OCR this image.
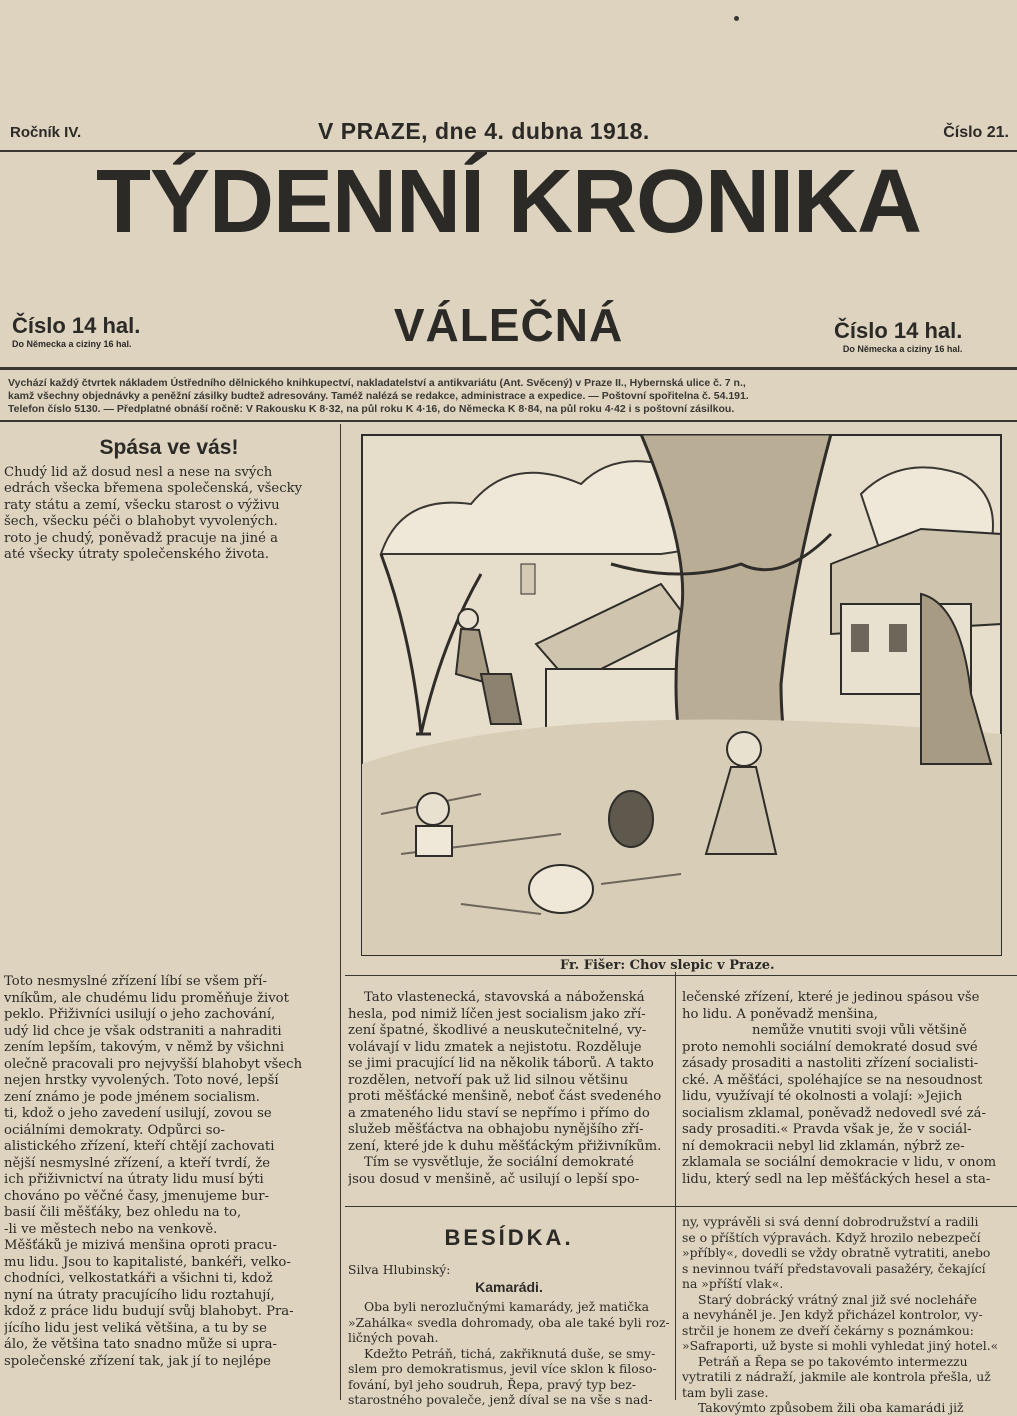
Ročník IV.	V PRAZE, dne 4. dubna 1918.	Číslo 21.
TÝDENNÍ KRONIKA
Číslo 14 hal.
Do Německa a ciziny 16 hal.	VÁLEČNÁ	Číslo 14 hal.
Do Německa a ciziny 16 hal.
Vychází každý čtvrtek nákladem Ústředního dělnického knihkupectví, nakladatelství a antikvariátu (Ant. Svěcený) v Praze II., Hybernská ulice č. 7 n.,
kamž všechny objednávky a peněžní zásilky budtež adresovány. Taméž nalézá se redakce, administrace a expedice. — Poštovní spořitelna č. 54.191.
Telefon číslo 5130. — Předplatné obnáší ročně: V Rakousku K 8·32, na půl roku K 4·16, do Německa K 8·84, na půl roku 4·42 i s poštovní zásilkou.
Spása ve vás!
Chudý lid až dosud nesl a nese na svých
edrách všecka břemena společenská, všecky
raty státu a zemí, všecku starost o výživu
šech, všecku péči o blahobyt vyvolených.
roto je chudý, poněvadž pracuje na jiné a
até všecky útraty společenského života.
Toto nesmyslné zřízení líbí se všem pří-
vníkům, ale chudému lidu proměňuje život
peklo. Přiživníci usilují o jeho zachování,
udý lid chce je však odstraniti a nahraditi
zením lepším, takovým, v němž by všichni
olečně pracovali pro nejvyšší blahobyt všech
nejen hrstky vyvolených. Toto nové, lepší
zení známo je pode jménem socialism.
ti, kdož o jeho zavedení usilují, zovou se
ociálními demokraty. Odpůrci so-
alistického zřízení, kteří chtějí zachovati
nější nesmyslné zřízení, a kteří tvrdí, že
ich přiživnictví na útraty lidu musí býti
chováno po věčné časy, jmenujeme bur-
basií čili měšťáky, bez ohledu na to,
-li ve městech nebo na venkově.
Měšťáků je mizivá menšina oproti pracu-
mu lidu. Jsou to kapitalisté, bankéři, velko-
chodníci, velkostatkáři a všichni ti, kdož
nyní na útraty pracujícího lidu roztahují,
kdož z práce lidu budují svůj blahobyt. Pra-
jícího lidu jest veliká většina, a tu by se
álo, že většina tato snadno může si upra-
společenské zřízení tak, jak jí to nejlépe
Fr. Fišer: Chov slepic v Praze.
Tato vlastenecká, stavovská a náboženská
hesla, pod nimiž líčen jest socialism jako zří-
zení špatné, škodlivé a neuskutečnitelné, vy-
volávají v lidu zmatek a nejistotu. Rozděluje
se jimi pracující lid na několik táborů. A takto
rozdělen, netvoří pak už lid silnou většinu
proti měšťácké menšině, neboť část svedeného
a zmateného lidu staví se nepřímo i přímo do
služeb měšťáctva na obhajobu nynějšího zří-
zení, které jde k duhu měšťáckým přiživníkům.
Tím se vysvětluje, že sociální demokraté
jsou dosud v menšině, ač usilují o lepší spo-
lečenské zřízení, které je jedinou spásou vše
ho lidu. A poněvadž menšina,
nemůže vnutiti svoji vůli většině
proto nemohli sociální demokraté dosud své
zásady prosaditi a nastoliti zřízení socialisti-
cké. A měšťáci, spoléhajíce se na nesoudnost
lidu, využívají té okolnosti a volají: »Jejich
socialism zklamal, poněvadž nedovedl své zá-
sady prosaditi.« Pravda však je, že v sociál-
ní demokracii nebyl lid zklamán, nýbrž ze-
zklamala se sociální demokracie v lidu, v onom
lidu, který sedl na lep měšťáckých hesel a sta-
BESÍDKA.
Silva Hlubinský:
Kamarádi.
Oba byli nerozlučnými kamarády, jež matička
»Zahálka« svedla dohromady, oba ale také byli roz-
ličných povah.
Kdežto Petráň, tichá, zakřiknutá duše, se smy-
slem pro demokratismus, jevil více sklon k filoso-
fování, byl jeho soudruh, Řepa, pravý typ bez-
starostného povaleče, jenž díval se na vše s nad-
ny, vyprávěli si svá denní dobrodružství a radili
se o příštích výpravách. Když hrozilo nebezpečí
»příbly«, dovedli se vždy obratně vytratiti, anebo
s nevinnou tváří představovali pasažéry, čekající
na »příští vlak«.
Starý dobrácký vrátný znal již své nocleháře
a nevyháněl je. Jen když přicházel kontrolor, vy-
strčil je honem ze dveří čekárny s poznámkou:
»Safraporti, už byste si mohli vyhledat jiný hotel.«
Petráň a Řepa se po takovémto intermezzu
vytratili z nádraží, jakmile ale kontrola přešla, už
tam byli zase.
Takovýmto způsobem žili oba kamarádi již
